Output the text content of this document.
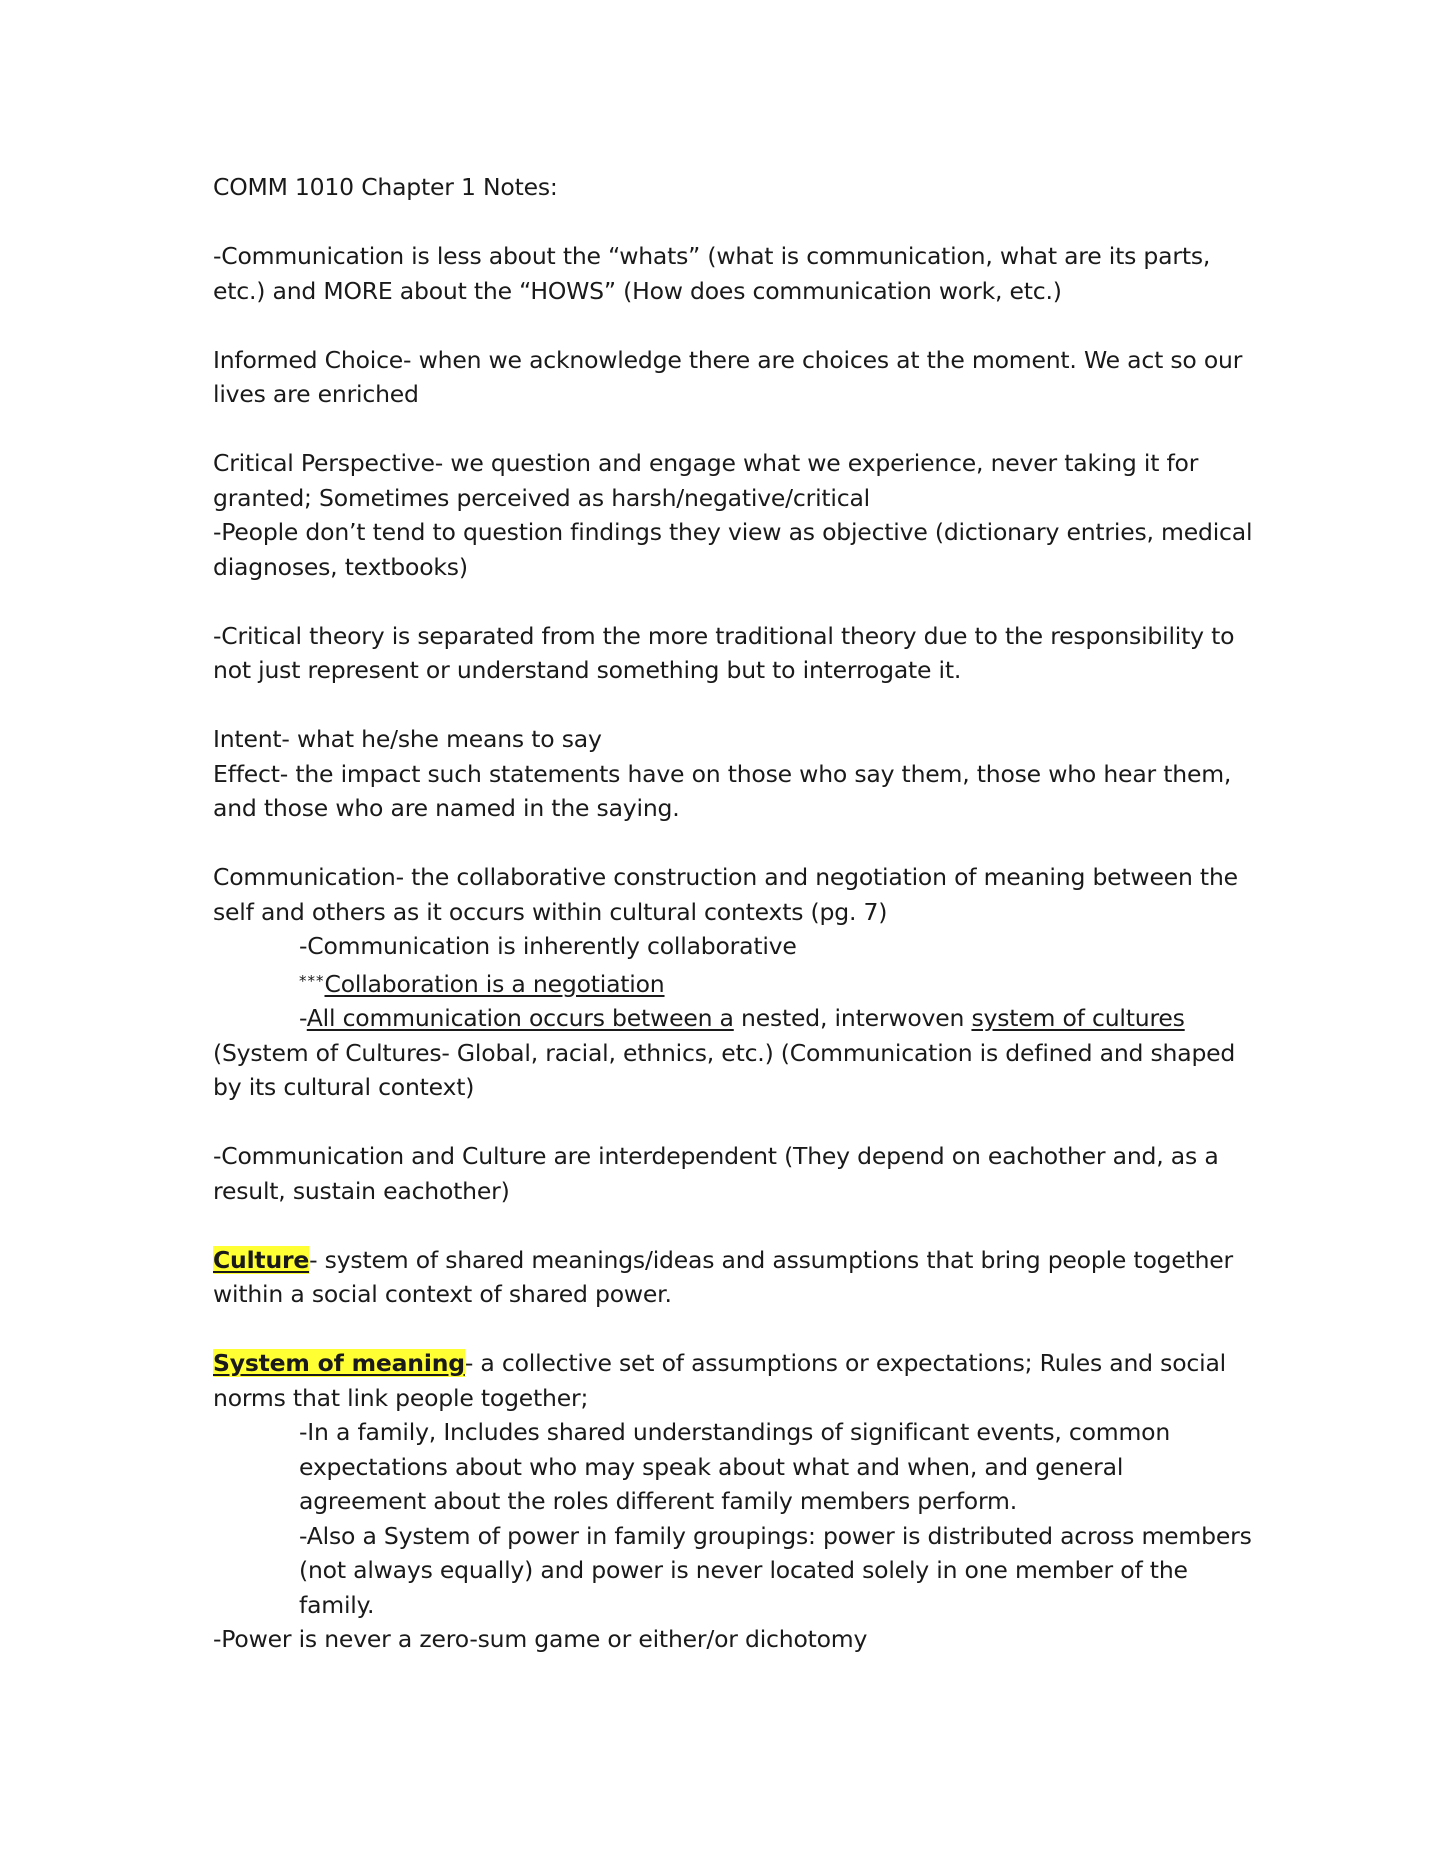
COMM 1010 Chapter 1 Notes:

-Communication is less about the “whats” (what is communication, what are its parts, etc.) and MORE about the “HOWS” (How does communication work, etc.)

Informed Choice- when we acknowledge there are choices at the moment. We act so our lives are enriched

Critical Perspective- we question and engage what we experience, never taking it for granted; Sometimes perceived as harsh/negative/critical

-People don’t tend to question findings they view as objective (dictionary entries, medical diagnoses, textbooks)

-Critical theory is separated from the more traditional theory due to the responsibility to not just represent or understand something but to interrogate it.

Intent- what he/she means to say

Effect- the impact such statements have on those who say them, those who hear them, and those who are named in the saying.

Communication- the collaborative construction and negotiation of meaning between the self and others as it occurs within cultural contexts (pg. 7)

-Communication is inherently collaborative

***Collaboration is a negotiation

-All communication occurs between a nested, interwoven system of cultures

(System of Cultures- Global, racial, ethnics, etc.) (Communication is defined and shaped by its cultural context)

-Communication and Culture are interdependent (They depend on eachother and, as a result, sustain eachother)

Culture- system of shared meanings/ideas and assumptions that bring people together within a social context of shared power.

System of meaning- a collective set of assumptions or expectations; Rules and social norms that link people together;

-In a family, Includes shared understandings of significant events, common expectations about who may speak about what and when, and general agreement about the roles different family members perform.

-Also a System of power in family groupings: power is distributed across members (not always equally) and power is never located solely in one member of the family.

-Power is never a zero-sum game or either/or dichotomy
